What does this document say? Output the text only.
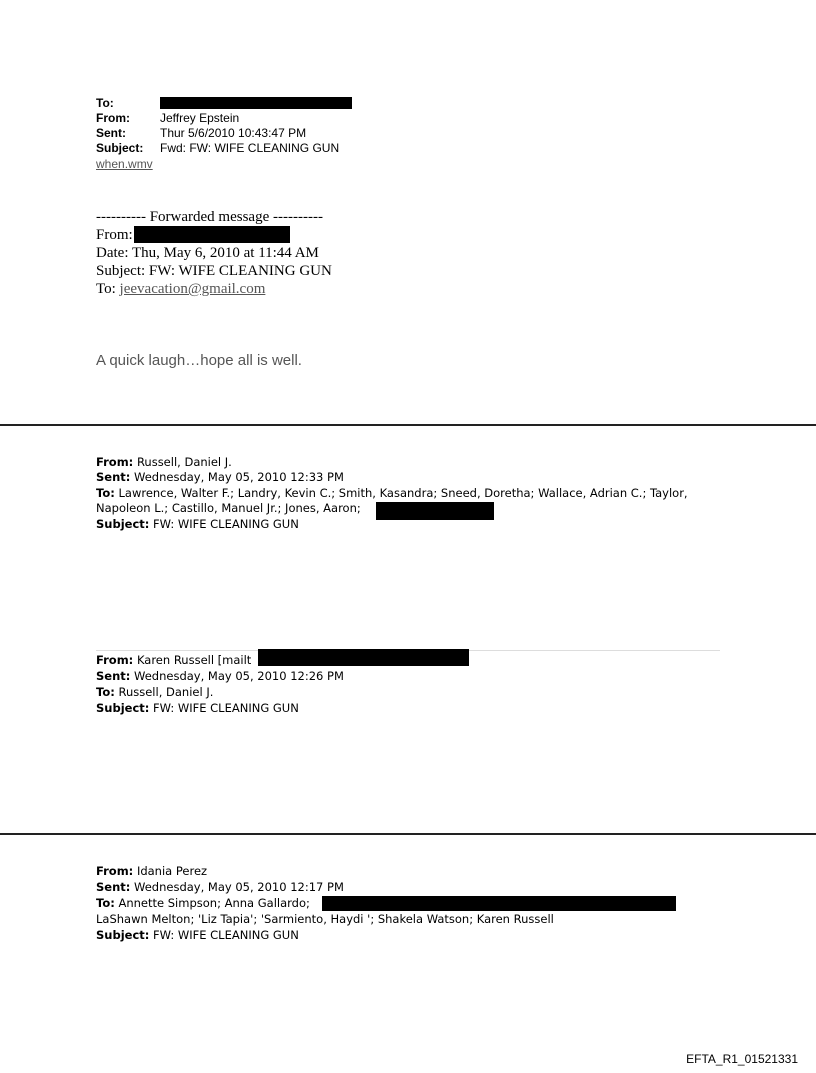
To:
From:	Jeffrey Epstein
Sent:	Thur 5/6/2010 10:43:47 PM
Subject: Fwd: FW: WIFE CLEANING GUN
when.wmv
---------- Forwarded message ----------
From:
Date: Thu, May 6, 2010 at 11:44 AM
Subject: FW: WIFE CLEANING GUN
To: jeevacation@gmail.com
A quick laugh…hope all is well.
From: Russell, Daniel J.
Sent: Wednesday, May 05, 2010 12:33 PM
To: Lawrence, Walter F.; Landry, Kevin C.; Smith, Kasandra; Sneed, Doretha; Wallace, Adrian C.; Taylor,
Napoleon L.; Castillo, Manuel Jr.; Jones, Aaron;
Subject: FW: WIFE CLEANING GUN
From: Karen Russell [mailt
Sent: Wednesday, May 05, 2010 12:26 PM
To: Russell, Daniel J.
Subject: FW: WIFE CLEANING GUN
From: Idania Perez
Sent: Wednesday, May 05, 2010 12:17 PM
To: Annette Simpson; Anna Gallardo;
LaShawn Melton; 'Liz Tapia'; 'Sarmiento, Haydi '; Shakela Watson; Karen Russell
Subject: FW: WIFE CLEANING GUN
EFTA_R1_01521331
